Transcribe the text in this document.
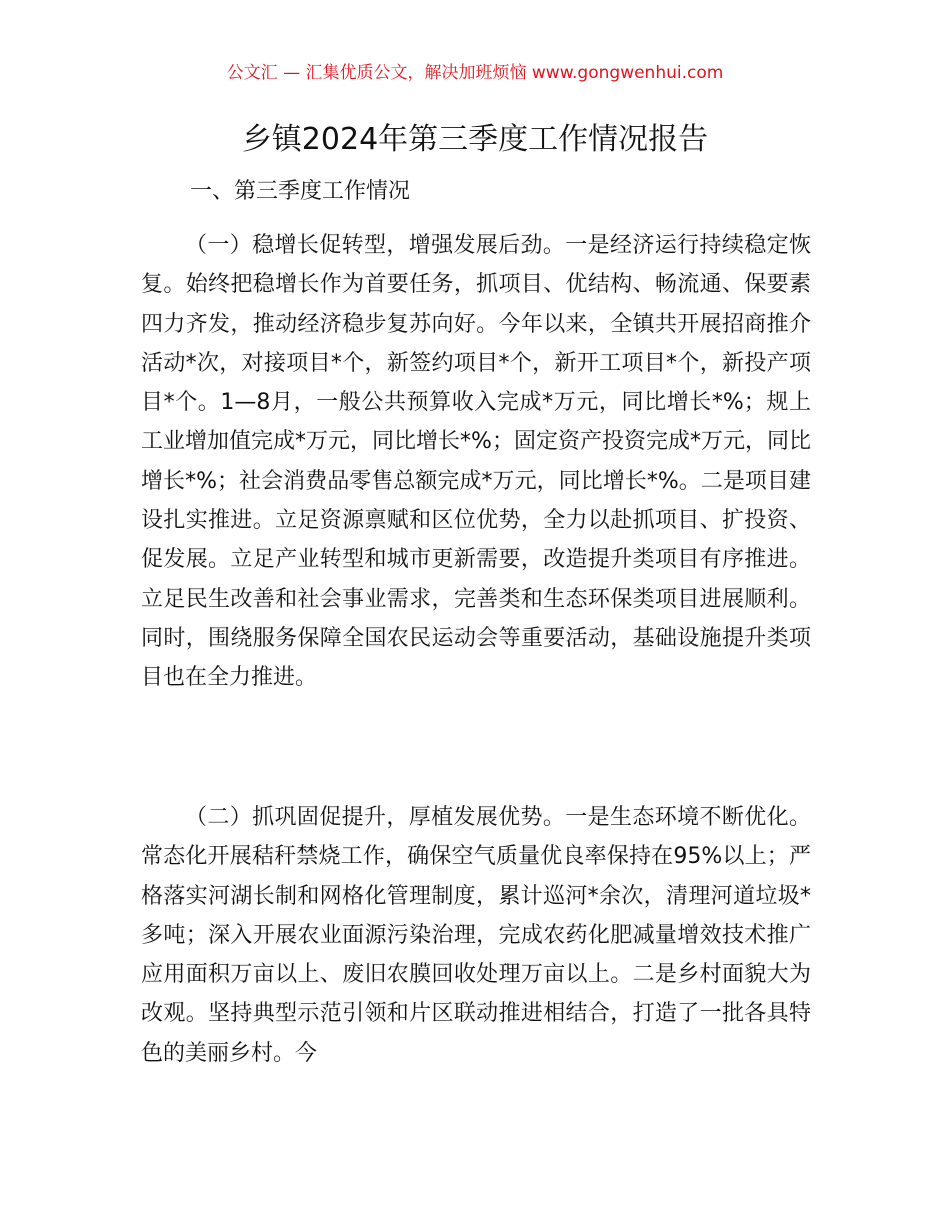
公文汇 — 汇集优质公文，解决加班烦恼 www.gongwenhui.com
乡镇2024年第三季度工作情况报告
一、第三季度工作情况

（一）稳增长促转型，增强发展后劲。一是经济运行持续稳定恢复。始终把稳增长作为首要任务，抓项目、优结构、畅流通、保要素四力齐发，推动经济稳步复苏向好。今年以来，全镇共开展招商推介活动*次，对接项目*个，新签约项目*个，新开工项目*个，新投产项目*个。1—8月，一般公共预算收入完成*万元，同比增长*%；规上工业增加值完成*万元，同比增长*%；固定资产投资完成*万元，同比增长*%；社会消费品零售总额完成*万元，同比增长*%。二是项目建设扎实推进。立足资源禀赋和区位优势，全力以赴抓项目、扩投资、促发展。立足产业转型和城市更新需要，改造提升类项目有序推进。立足民生改善和社会事业需求，完善类和生态环保类项目进展顺利。同时，围绕服务保障全国农民运动会等重要活动，基础设施提升类项目也在全力推进。

（二）抓巩固促提升，厚植发展优势。一是生态环境不断优化。常态化开展秸秆禁烧工作，确保空气质量优良率保持在95%以上；严格落实河湖长制和网格化管理制度，累计巡河*余次，清理河道垃圾*多吨；深入开展农业面源污染治理，完成农药化肥减量增效技术推广应用面积万亩以上、废旧农膜回收处理万亩以上。二是乡村面貌大为改观。坚持典型示范引领和片区联动推进相结合，打造了一批各具特色的美丽乡村。今
